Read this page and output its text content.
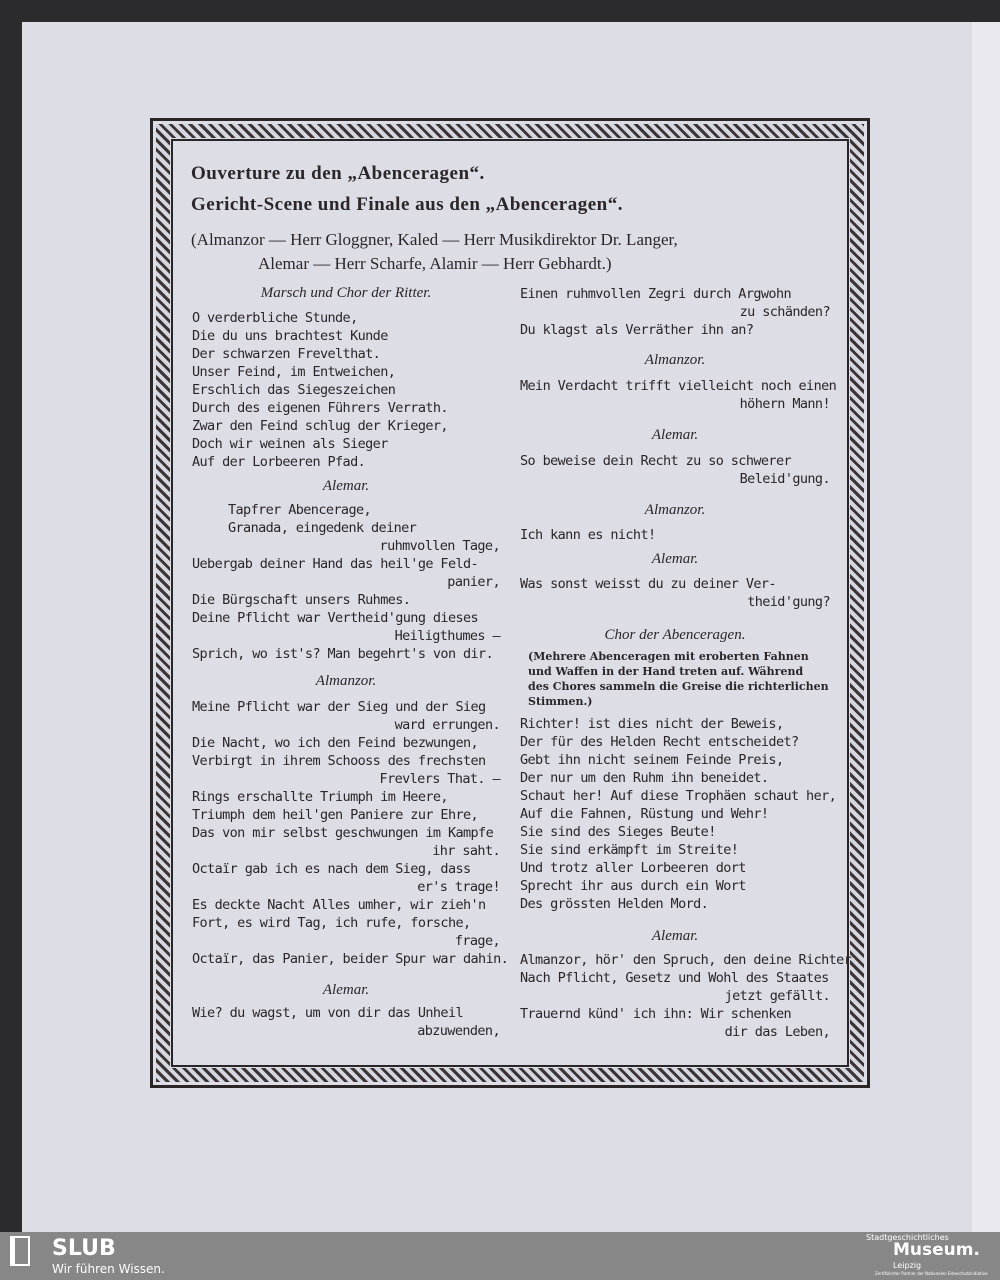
Ouverture zu den „Abenceragen“.
Gericht-Scene und Finale aus den „Abenceragen“.
(Almanzor — Herr Gloggner, Kaled — Herr Musikdirektor Dr. Langer,
Alemar — Herr Scharfe, Alamir — Herr Gebhardt.)
Marsch und Chor der Ritter.
O verderbliche Stunde,
Die du uns brachtest Kunde
Der schwarzen Frevelthat.
Unser Feind, im Entweichen,
Erschlich das Siegeszeichen
Durch des eigenen Führers Verrath.
Zwar den Feind schlug der Krieger,
Doch wir weinen als Sieger
Auf der Lorbeeren Pfad.
Alemar.
Tapfrer Abencerage,
Granada, eingedenk deiner
ruhmvollen Tage,
Uebergab deiner Hand das heil'ge Feld-
panier,
Die Bürgschaft unsers Ruhmes.
Deine Pflicht war Vertheid'gung dieses
Heiligthumes —
Sprich, wo ist's? Man begehrt's von dir.
Almanzor.
Meine Pflicht war der Sieg und der Sieg
ward errungen.
Die Nacht, wo ich den Feind bezwungen,
Verbirgt in ihrem Schooss des frechsten
Frevlers That. —
Rings erschallte Triumph im Heere,
Triumph dem heil'gen Paniere zur Ehre,
Das von mir selbst geschwungen im Kampfe
ihr saht.
Octaïr gab ich es nach dem Sieg, dass
er's trage!
Es deckte Nacht Alles umher, wir zieh'n
Fort, es wird Tag, ich rufe, forsche,
frage,
Octaïr, das Panier, beider Spur war dahin.
Alemar.
Wie? du wagst, um von dir das Unheil
abzuwenden,
Einen ruhmvollen Zegri durch Argwohn
zu schänden?
Du klagst als Verräther ihn an?
Almanzor.
Mein Verdacht trifft vielleicht noch einen
höhern Mann!
Alemar.
So beweise dein Recht zu so schwerer
Beleid'gung.
Almanzor.
Ich kann es nicht!
Alemar.
Was sonst weisst du zu deiner Ver-
theid'gung?
Chor der Abenceragen.
(Mehrere Abenceragen mit eroberten Fahnen
und Waffen in der Hand treten auf. Während
des Chores sammeln die Greise die richterlichen
Stimmen.)
Richter! ist dies nicht der Beweis,
Der für des Helden Recht entscheidet?
Gebt ihn nicht seinem Feinde Preis,
Der nur um den Ruhm ihn beneidet.
Schaut her! Auf diese Trophäen schaut her,
Auf die Fahnen, Rüstung und Wehr!
Sie sind des Sieges Beute!
Sie sind erkämpft im Streite!
Und trotz aller Lorbeeren dort
Sprecht ihr aus durch ein Wort
Des grössten Helden Mord.
Alemar.
Almanzor, hör' den Spruch, den deine Richter
Nach Pflicht, Gesetz und Wohl des Staates
jetzt gefällt.
Trauernd künd' ich ihn: Wir schenken
dir das Leben,
SLUB
Wir führen Wissen.
Stadtgeschichtliches
Museum.
Leipzig
Zertifizierter Partner der Nationalen Erbeschutzinitiative
